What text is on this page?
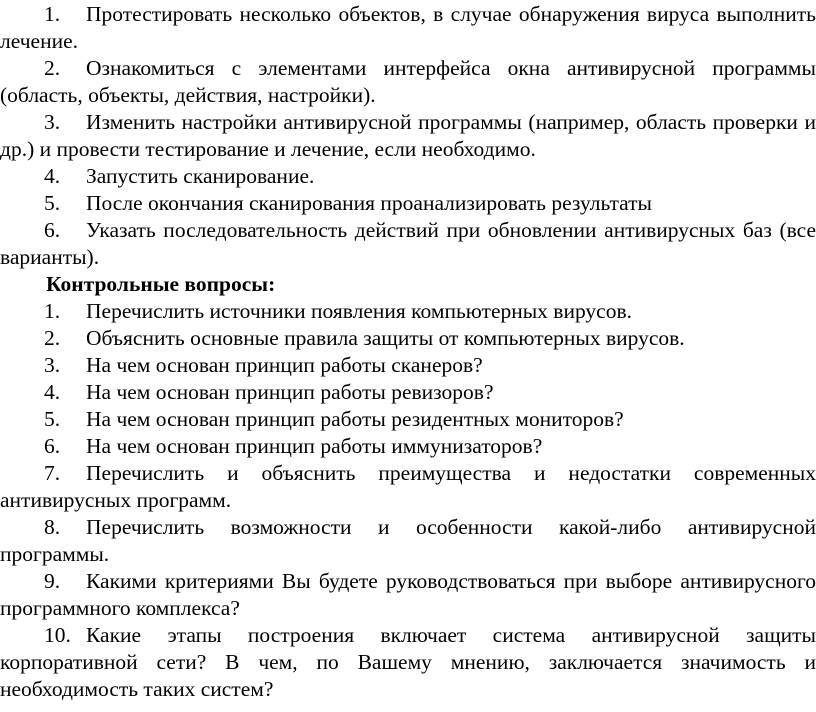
1. Протестировать несколько объектов, в случае обнаружения вируса выполнить лечение.
2. Ознакомиться с элементами интерфейса окна антивирусной программы (область, объекты, действия, настройки).
3. Изменить настройки антивирусной программы (например, область проверки и др.) и провести тестирование и лечение, если необходимо.
4. Запустить сканирование.
5. После окончания сканирования проанализировать результаты
6. Указать последовательность действий при обновлении антивирусных баз (все варианты).
Контрольные вопросы:
1. Перечислить источники появления компьютерных вирусов.
2. Объяснить основные правила защиты от компьютерных вирусов.
3. На чем основан принцип работы сканеров?
4. На чем основан принцип работы ревизоров?
5. На чем основан принцип работы резидентных мониторов?
6. На чем основан принцип работы иммунизаторов?
7. Перечислить и объяснить преимущества и недостатки современных антивирусных программ.
8. Перечислить возможности и особенности какой-либо антивирусной программы.
9. Какими критериями Вы будете руководствоваться при выборе антивирусного программного комплекса?
10. Какие этапы построения включает система антивирусной защиты корпоративной сети? В чем, по Вашему мнению, заключается значимость и необходимость таких систем?
